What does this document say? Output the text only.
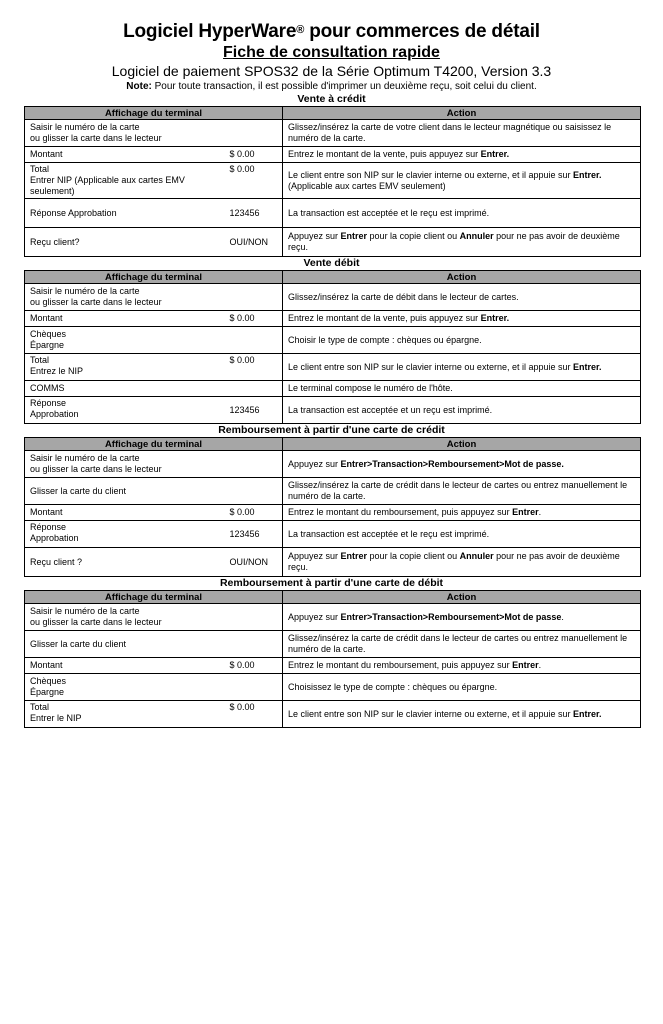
Logiciel HyperWare® pour commerces de détail
Fiche de consultation rapide
Logiciel de paiement SPOS32 de la Série Optimum T4200, Version 3.3
Note: Pour toute transaction, il est possible d'imprimer un deuxième reçu, soit celui du client.
Vente à crédit
Affichage du terminal		Action
Saisir le numéro de la carte
ou glisser la carte dans le lecteur		Glissez/insérez la carte de votre client dans le lecteur magnétique ou saisissez le numéro de la carte.
Montant	$ 0.00	Entrez le montant de la vente, puis appuyez sur Entrer.
Total
Entrer NIP (Applicable aux cartes EMV
seulement)	$ 0.00	Le client entre son NIP sur le clavier interne ou externe, et il appuie sur Entrer. (Applicable aux cartes EMV seulement)
Réponse Approbation	123456	La transaction est acceptée et le reçu est imprimé.
Reçu client?	OUI/NON	Appuyez sur Entrer pour la copie client ou Annuler pour ne pas avoir de deuxième reçu.
Vente débit
Affichage du terminal		Action
Saisir le numéro de la carte
ou glisser la carte dans le lecteur		Glissez/insérez la carte de débit dans le lecteur de cartes.
Montant	$ 0.00	Entrez le montant de la vente, puis appuyez sur Entrer.
Chèques
Épargne		Choisir le type de compte : chèques ou épargne.
Total
Entrez le NIP	$ 0.00	Le client entre son NIP sur le clavier interne ou externe, et il appuie sur Entrer.
COMMS		Le terminal compose le numéro de l'hôte.
Réponse
Approbation	123456	La transaction est acceptée et un reçu est imprimé.
Remboursement à partir d'une carte de crédit
Affichage du terminal		Action
Saisir le numéro de la carte
ou glisser la carte dans le lecteur		Appuyez sur Entrer>Transaction>Remboursement>Mot de passe.
Glisser la carte du client		Glissez/insérez la carte de crédit dans le lecteur de cartes ou entrez manuellement le numéro de la carte.
Montant	$ 0.00	Entrez le montant du remboursement, puis appuyez sur Entrer.
Réponse
Approbation	123456	La transaction est acceptée et le reçu est imprimé.
Reçu client ?	OUI/NON	Appuyez sur Entrer pour la copie client ou Annuler pour ne pas avoir de deuxième reçu.
Remboursement à partir d'une carte de débit
Affichage du terminal		Action
Saisir le numéro de la carte
ou glisser la carte dans le lecteur		Appuyez sur Entrer>Transaction>Remboursement>Mot de passe.
Glisser la carte du client		Glissez/insérez la carte de crédit dans le lecteur de cartes ou entrez manuellement le numéro de la carte.
Montant	$ 0.00	Entrez le montant du remboursement, puis appuyez sur Entrer.
Chèques
Épargne		Choisissez le type de compte : chèques ou épargne.
Total
Entrer le NIP	$ 0.00	Le client entre son NIP sur le clavier interne ou externe, et il appuie sur Entrer.
